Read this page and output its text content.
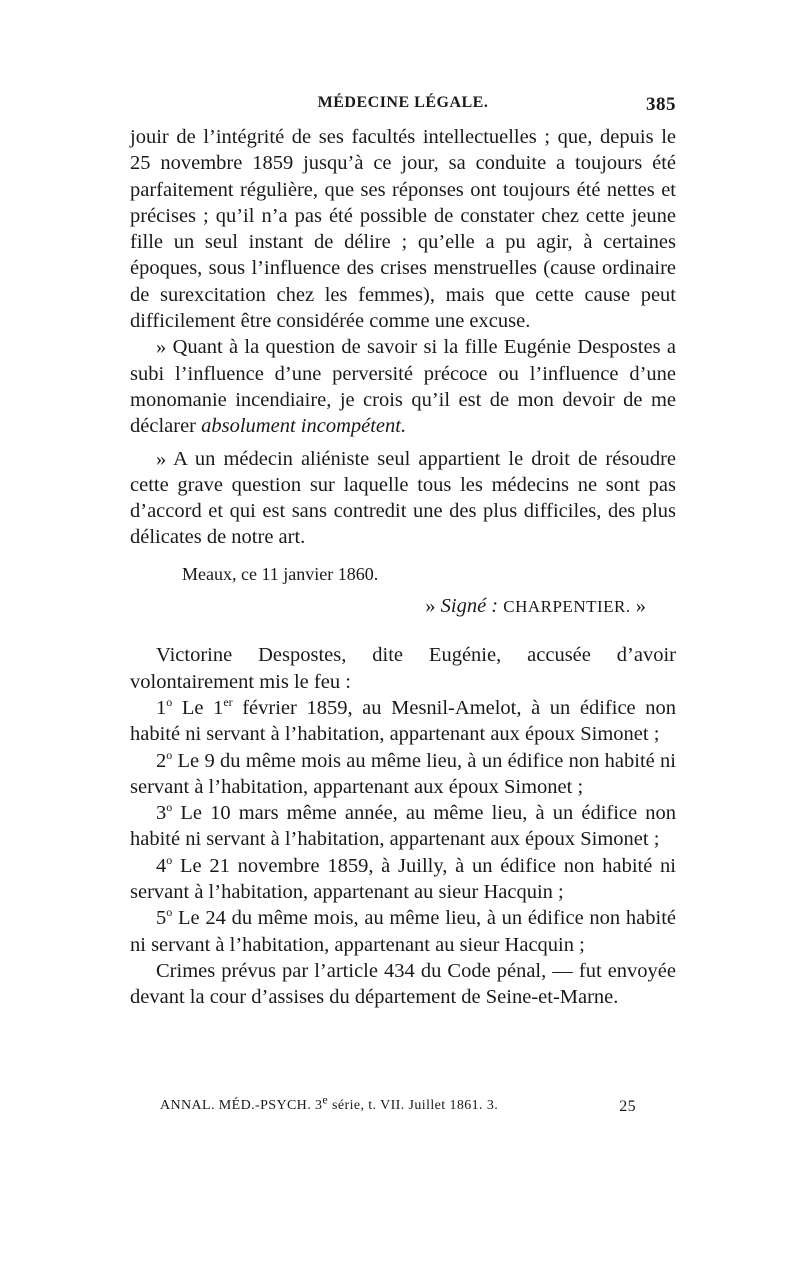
MÉDECINE LÉGALE.	385

jouir de l’intégrité de ses facultés intellectuelles ; que, depuis le 25 novembre 1859 jusqu’à ce jour, sa conduite a toujours été parfaitement régulière, que ses réponses ont toujours été nettes et précises ; qu’il n’a pas été possible de constater chez cette jeune fille un seul instant de délire ; qu’elle a pu agir, à certaines époques, sous l’influence des crises menstruelles (cause ordinaire de surexcitation chez les femmes), mais que cette cause peut difficilement être considérée comme une excuse.

» Quant à la question de savoir si la fille Eugénie Despostes a subi l’influence d’une perversité précoce ou l’influence d’une monomanie incendiaire, je crois qu’il est de mon devoir de me déclarer absolument incompétent.

» A un médecin aliéniste seul appartient le droit de résoudre cette grave question sur laquelle tous les médecins ne sont pas d’accord et qui est sans contredit une des plus difficiles, des plus délicates de notre art.

Meaux, ce 11 janvier 1860.

» Signé : CHARPENTIER. »

Victorine Despostes, dite Eugénie, accusée d’avoir volontairement mis le feu :

1$^o$ Le 1er février 1859, au Mesnil-Amelot, à un édifice non habité ni servant à l’habitation, appartenant aux époux Simonet ;

2$^o$ Le 9 du même mois au même lieu, à un édifice non habité ni servant à l’habitation, appartenant aux époux Simonet ;

3$^o$ Le 10 mars même année, au même lieu, à un édifice non habité ni servant à l’habitation, appartenant aux époux Simonet ;

4$^o$ Le 21 novembre 1859, à Juilly, à un édifice non habité ni servant à l’habitation, appartenant au sieur Hacquin ;

5$^o$ Le 24 du même mois, au même lieu, à un édifice non habité ni servant à l’habitation, appartenant au sieur Hacquin ;

Crimes prévus par l’article 434 du Code pénal, — fut envoyée devant la cour d’assises du département de Seine-et-Marne.

ANNAL. MÉD.-PSYCH. 3e série, t. VII. Juillet 1861. 3.	25
